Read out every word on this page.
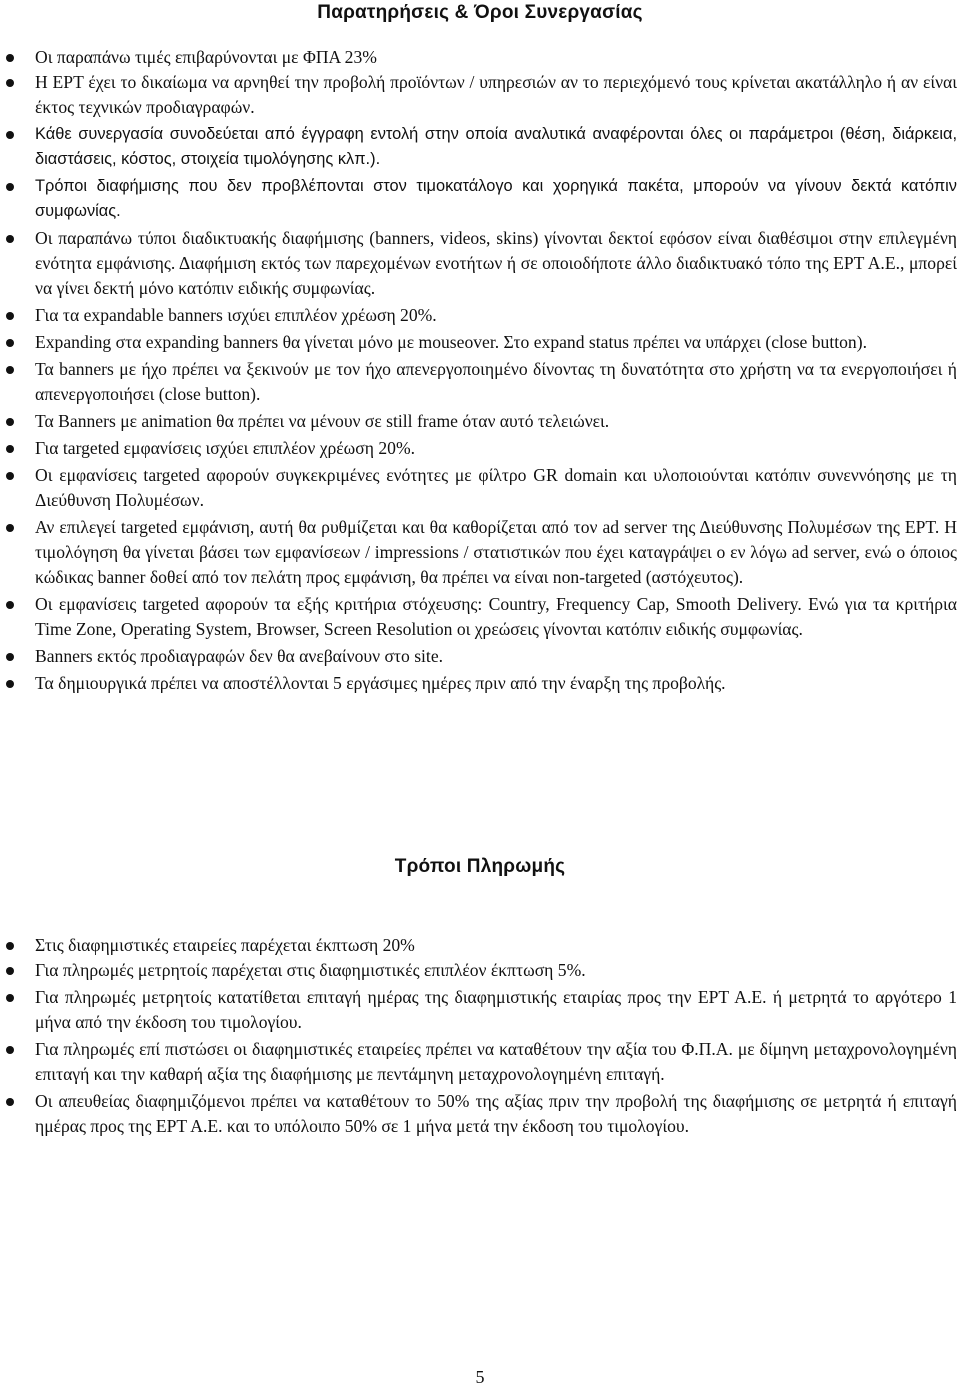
Παρατηρήσεις & Όροι Συνεργασίας
Οι παραπάνω τιμές επιβαρύνονται με ΦΠΑ 23%
Η ΕΡΤ έχει το δικαίωμα να αρνηθεί την προβολή προϊόντων / υπηρεσιών αν το περιεχόμενό τους κρίνεται ακατάλληλο ή αν είναι έκτος τεχνικών προδιαγραφών.
Κάθε συνεργασία συνοδεύεται από έγγραφη εντολή στην οποία αναλυτικά αναφέρονται όλες οι παράμετροι (θέση, διάρκεια, διαστάσεις, κόστος, στοιχεία τιμολόγησης κλπ.).
Τρόποι διαφήμισης που δεν προβλέπονται στον τιμοκατάλογο και χορηγικά πακέτα, μπορούν να γίνουν δεκτά κατόπιν συμφωνίας.
Οι παραπάνω τύποι διαδικτυακής διαφήμισης (banners, videos, skins) γίνονται δεκτοί εφόσον είναι διαθέσιμοι στην επιλεγμένη ενότητα εμφάνισης. Διαφήμιση εκτός των παρεχομένων ενοτήτων ή σε οποιοδήποτε άλλο διαδικτυακό τόπο της ΕΡΤ Α.Ε., μπορεί να γίνει δεκτή μόνο κατόπιν ειδικής συμφωνίας.
Για τα expandable banners ισχύει επιπλέον χρέωση 20%.
Expanding στα expanding banners θα γίνεται μόνο με mouseover. Στο expand status πρέπει να υπάρχει (close button).
Τα banners με ήχο πρέπει να ξεκινούν με τον ήχο απενεργοποιημένο δίνοντας τη δυνατότητα στο χρήστη να τα ενεργοποιήσει ή απενεργοποιήσει (close button).
Τα Banners με animation θα πρέπει να μένουν σε still frame όταν αυτό τελειώνει.
Για targeted εμφανίσεις ισχύει επιπλέον χρέωση 20%.
Οι εμφανίσεις targeted αφορούν συγκεκριμένες ενότητες με φίλτρο GR domain και υλοποιούνται κατόπιν συνεννόησης με τη Διεύθυνση Πολυμέσων.
Αν επιλεγεί targeted εμφάνιση, αυτή θα ρυθμίζεται και θα καθορίζεται από τον ad server της Διεύθυνσης Πολυμέσων της ΕΡΤ. Η τιμολόγηση θα γίνεται βάσει των εμφανίσεων / impressions / στατιστικών που έχει καταγράψει ο εν λόγω ad server, ενώ ο όποιος κώδικας banner δοθεί από τον πελάτη προς εμφάνιση, θα πρέπει να είναι non-targeted (αστόχευτος).
Οι εμφανίσεις targeted αφορούν τα εξής κριτήρια στόχευσης: Country, Frequency Cap, Smooth Delivery. Ενώ για τα κριτήρια Time Zone, Operating System, Browser, Screen Resolution οι χρεώσεις γίνονται κατόπιν ειδικής συμφωνίας.
Banners εκτός προδιαγραφών δεν θα ανεβαίνουν στο site.
Τα δημιουργικά πρέπει να αποστέλλονται 5 εργάσιμες ημέρες πριν από την έναρξη της προβολής.
Τρόποι Πληρωμής
Στις διαφημιστικές εταιρείες παρέχεται έκπτωση 20%
Για πληρωμές μετρητοίς παρέχεται στις διαφημιστικές επιπλέον έκπτωση 5%.
Για πληρωμές μετρητοίς κατατίθεται επιταγή ημέρας της διαφημιστικής εταιρίας προς την ΕΡΤ Α.Ε. ή μετρητά το αργότερο 1 μήνα από την έκδοση του τιμολογίου.
Για πληρωμές επί πιστώσει οι διαφημιστικές εταιρείες πρέπει να καταθέτουν την αξία του Φ.Π.Α. με δίμηνη μεταχρονολογημένη επιταγή και την καθαρή αξία της διαφήμισης με πεντάμηνη μεταχρονολογημένη επιταγή.
Οι απευθείας διαφημιζόμενοι πρέπει να καταθέτουν το 50% της αξίας πριν την προβολή της διαφήμισης σε μετρητά ή επιταγή ημέρας προς της ΕΡΤ Α.Ε. και το υπόλοιπο 50% σε 1 μήνα μετά την έκδοση του τιμολογίου.
5
